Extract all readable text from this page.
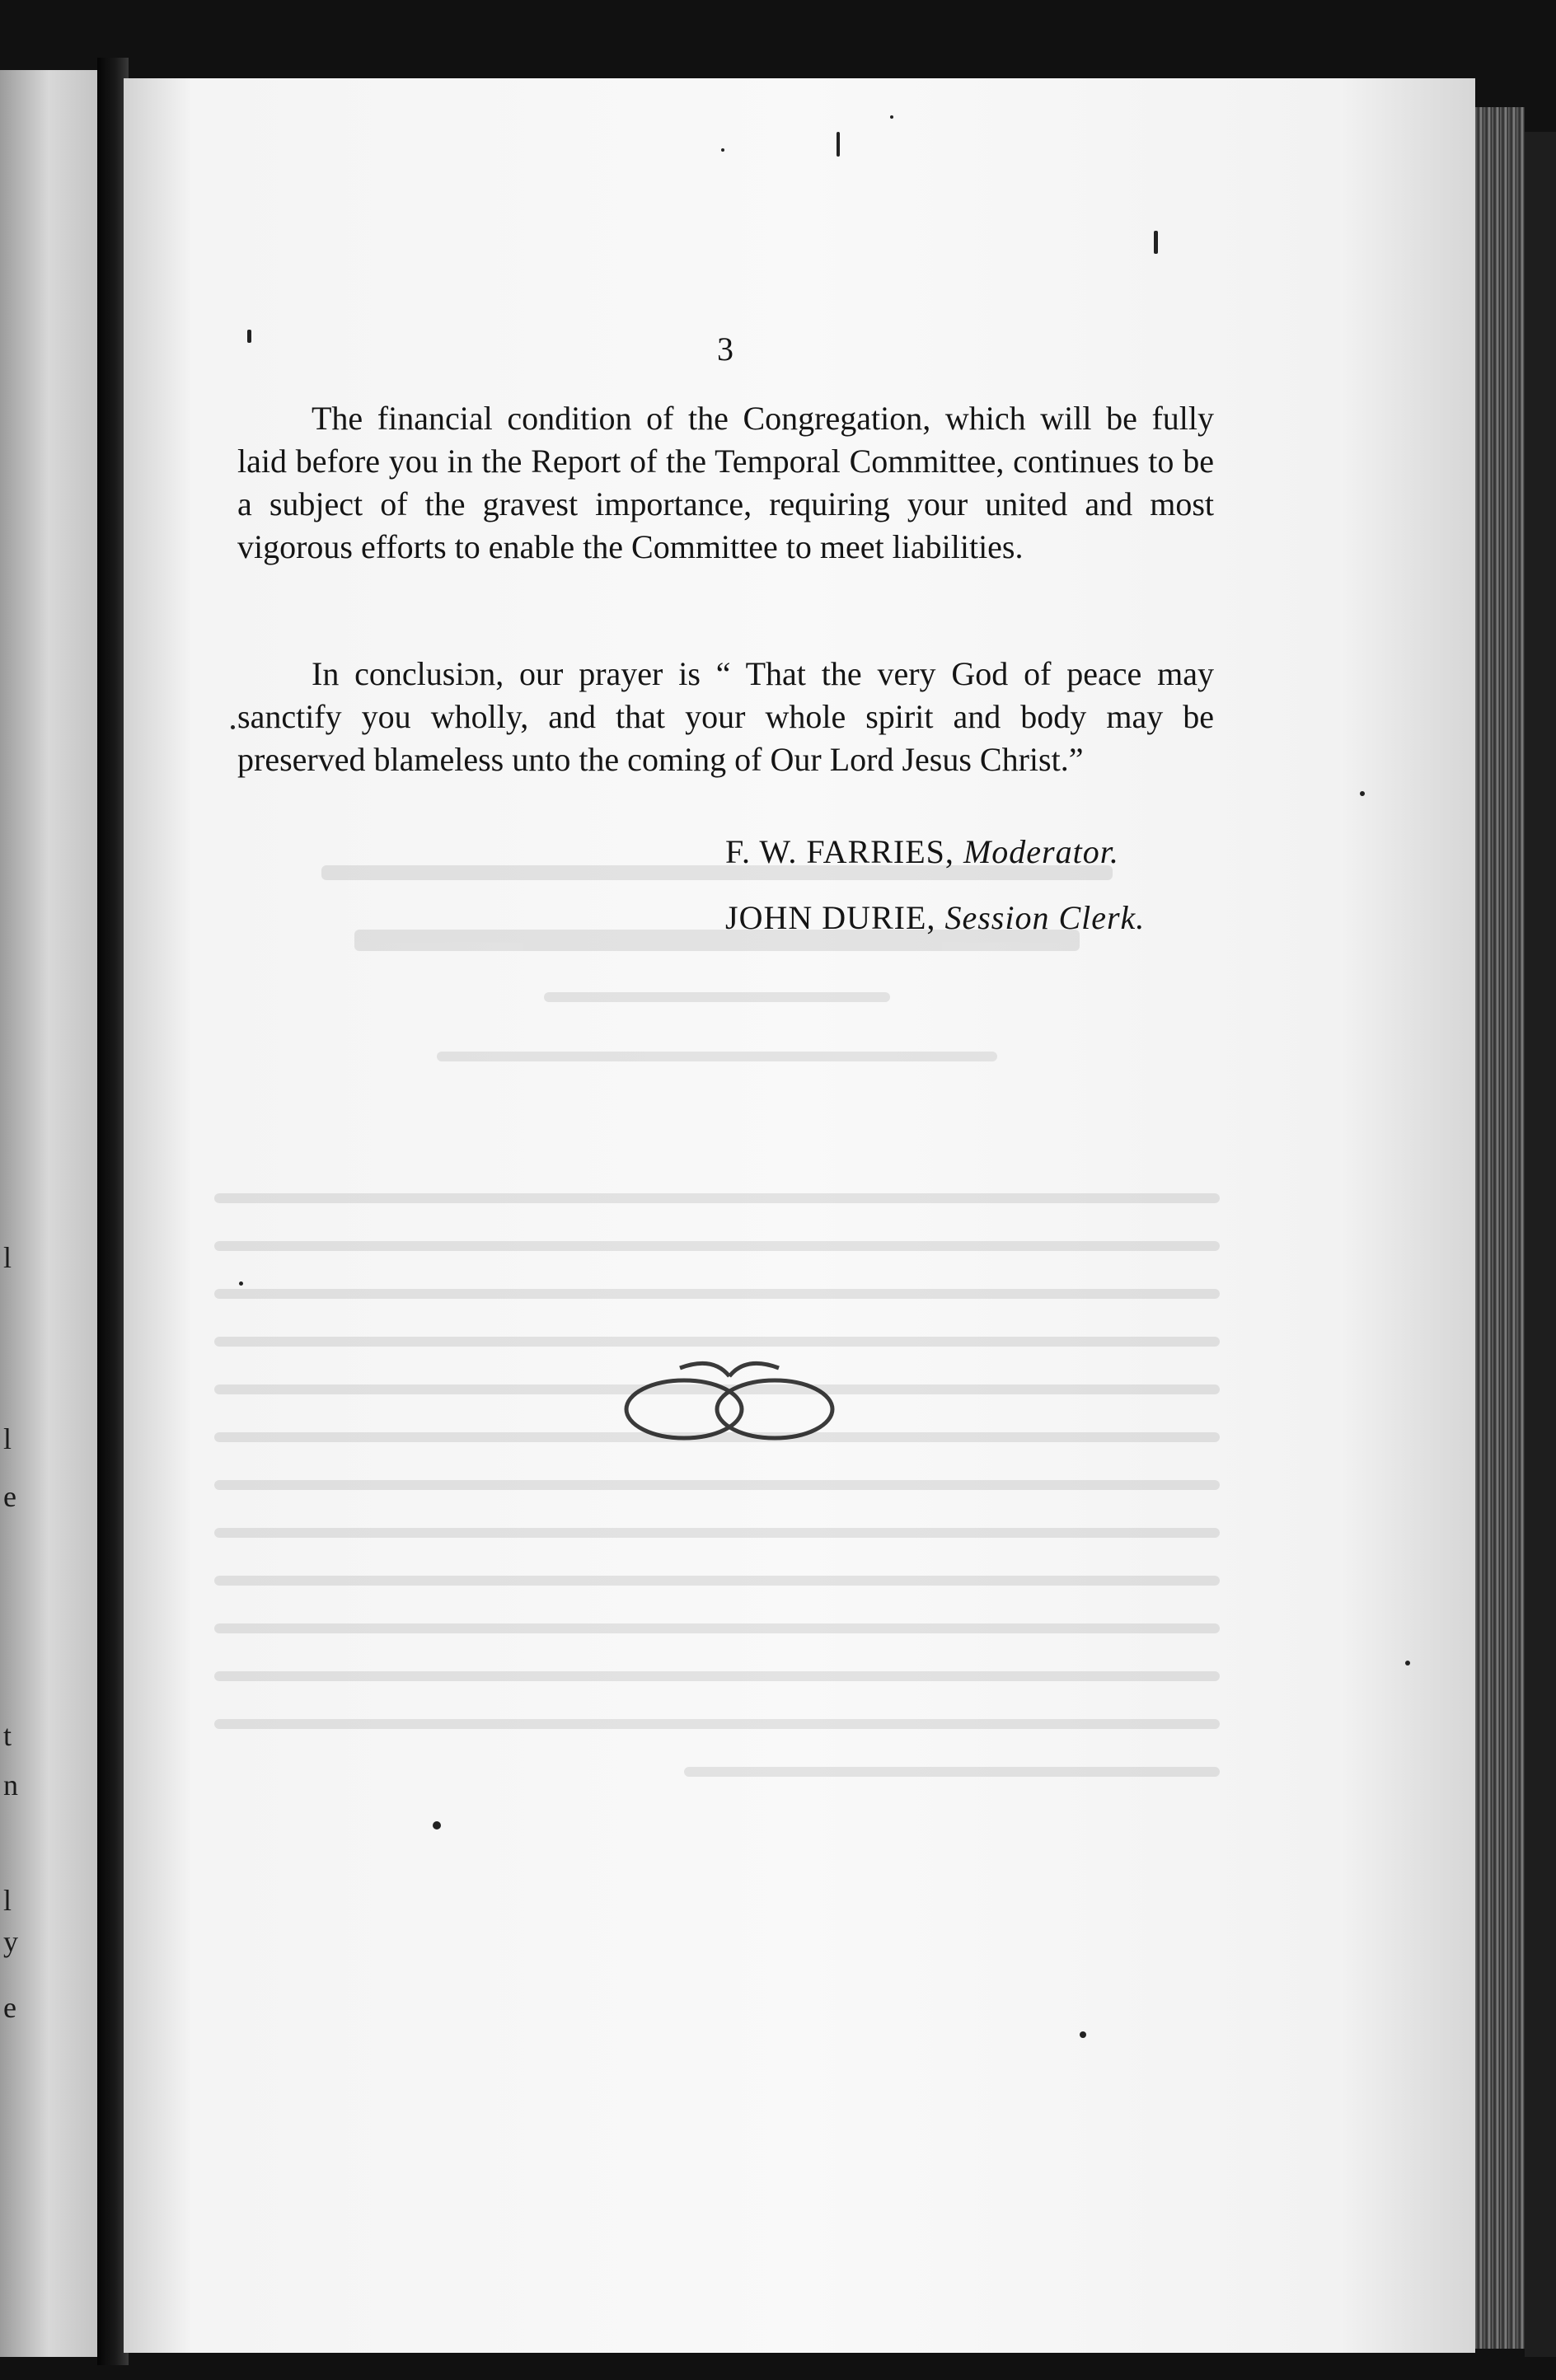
l
l
e
t
n
l
y
e
3

The financial condition of the Congregation, which will be fully laid before you in the Report of the Temporal Committee, continues to be a subject of the gravest importance, requiring your united and most vigorous efforts to enable the Committee to meet liabilities.

In conclusiɔn, our prayer is “ That the very God of peace may sanctify you wholly, and that your whole spirit and body may be preserved blameless unto the coming of Our Lord Jesus Christ.”

F. W. FARRIES, Moderator.
JOHN DURIE, Session Clerk.
